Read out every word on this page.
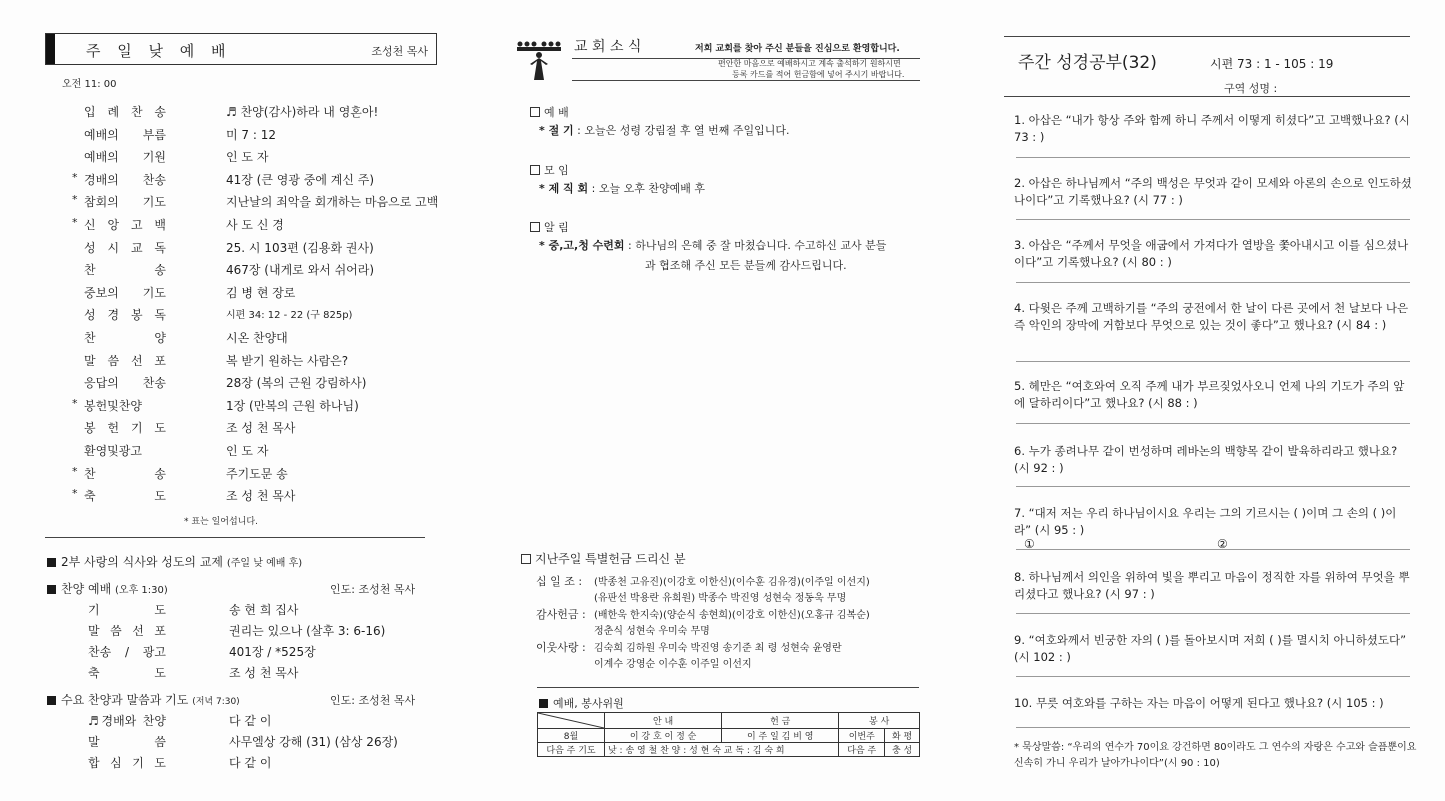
주 일 낮 예 배	조성천 목사
오전 11: 00
입 례 찬 송	♬ 찬양(감사)하라 내 영혼아!
예배의 부름	미 7 : 12
예배의 기원	인 도 자
* 경배의 찬송	41장 (큰 영광 중에 계신 주)
* 참회의 기도	지난날의 죄악을 회개하는 마음으로 고백
* 신 앙 고 백	사 도 신 경
성 시 교 독	25. 시 103편 (김용화 권사)
찬 송	467장 (내게로 와서 쉬어라)
중보의 기도	김 병 현 장로
성 경 봉 독	시편 34: 12 - 22 (구 825p)
찬 양	시온 찬양대
말 씀 선 포	복 받기 원하는 사람은?
응답의 찬송	28장 (복의 근원 강림하사)
* 봉헌및찬양	1장 (만복의 근원 하나님)
봉 헌 기 도	조 성 천 목사
환영및광고	인 도 자
* 찬 송	주기도문 송
* 축 도	조 성 천 목사
* 표는 일어섭니다.
2부 사랑의 식사와 성도의 교제 (주일 낮 예배 후)
찬양 예배 (오후 1:30)	인도: 조성천 목사
기 도	송 현 희 집사
말 씀 선 포	권리는 있으나 (살후 3: 6-16)
찬송 / 광고	401장 / *525장
축 도	조 성 천 목사
수요 찬양과 말씀과 기도 (저녁 7:30)	인도: 조성천 목사
♬경배와 찬양	다 같 이
말 씀	사무엘상 강해 (31) (삼상 26장)
합 심 기 도	다 같 이
교 회 소 식	저희 교회를 찾아 주신 분들을 진심으로 환영합니다.
편안한 마음으로 예배하시고 계속 출석하기 원하시면
등록 카드를 적어 헌금함에 넣어 주시기 바랍니다.
예 배
* 절 기 : 오늘은 성령 강림절 후 열 번째 주일입니다.
모 임
* 제 직 회 : 오늘 오후 찬양예배 후
알 림
* 중,고,청 수련회 : 하나님의 은혜 중 잘 마쳤습니다. 수고하신 교사 분들
과 협조해 주신 모든 분들께 감사드립니다.
지난주일 특별헌금 드리신 분
십 일 조 : (박종천 고유진)(이강호 이한신)(이수훈 김유경)(이주일 이선지)
(유판선 박용란 유희원) 박종수 박진영 성현숙 정동욱 무명
감사헌금 : (배한욱 한지숙)(양순식 송현희)(이강호 이한신)(오홍규 김복순)
정춘식 성현숙 우미숙 무명
이웃사랑 : 김숙희 김하원 우미숙 박진영 송기준 최 령 성현숙 윤영란
이계수 강영순 이수훈 이주일 이선지
예배, 봉사위원
	안 내	헌 금	봉 사	
8월	이 강 호 이 정 순	이 주 일 김 비 영	이번주	화 평
다음 주 기도	낮 : 송 영 철 찬 양 : 성 현 숙 교 독 : 김 숙 희		다음 주	충 성
주간 성경공부(32)	시편 73 : 1 - 105 : 19
구역 성명 :
1. 아삽은 “내가 항상 주와 함께 하니 주께서 이떻게 히셨다”고 고백했나요? (시 73 : )
2. 아삽은 하나님께서 “주의 백성은 무엇과 같이 모세와 아론의 손으로 인도하셨나이다”고 기록했나요? (시 77 : )
3. 아삽은 “주께서 무엇을 애굽에서 가져다가 열방을 쫓아내시고 이를 심으셨나이다”고 기록했나요? (시 80 : )
4. 다윗은 주께 고백하기를 “주의 궁전에서 한 날이 다른 곳에서 천 날보다 나은즉 악인의 장막에 거함보다 무엇으로 있는 것이 좋다”고 했나요? (시 84 : )
5. 헤만은 “여호와여 오직 주께 내가 부르짖었사오니 언제 나의 기도가 주의 앞에 달하리이다”고 했나요? (시 88 : )
6. 누가 종려나무 같이 번성하며 레바논의 백향목 같이 발육하리라고 했나요? (시 92 : )
7. “대저 저는 우리 하나님이시요 우리는 그의 기르시는 ( )이며 그 손의 ( )이라” (시 95 : )
8. 하나님께서 의인을 위하여 빛을 뿌리고 마음이 정직한 자를 위하여 무엇을 뿌리셨다고 했나요? (시 97 : )
9. “여호와께서 빈궁한 자의 ( )를 돌아보시며 저희 ( )를 멸시치 아니하셨도다” (시 102 : )
10. 무릇 여호와를 구하는 자는 마음이 어떻게 된다고 했나요? (시 105 : )
①	②
* 묵상말씀: “우리의 연수가 70이요 강건하면 80이라도 그 연수의 자랑은 수고와 슬픔뿐이요 신속히 가니 우리가 날아가나이다”(시 90 : 10)
